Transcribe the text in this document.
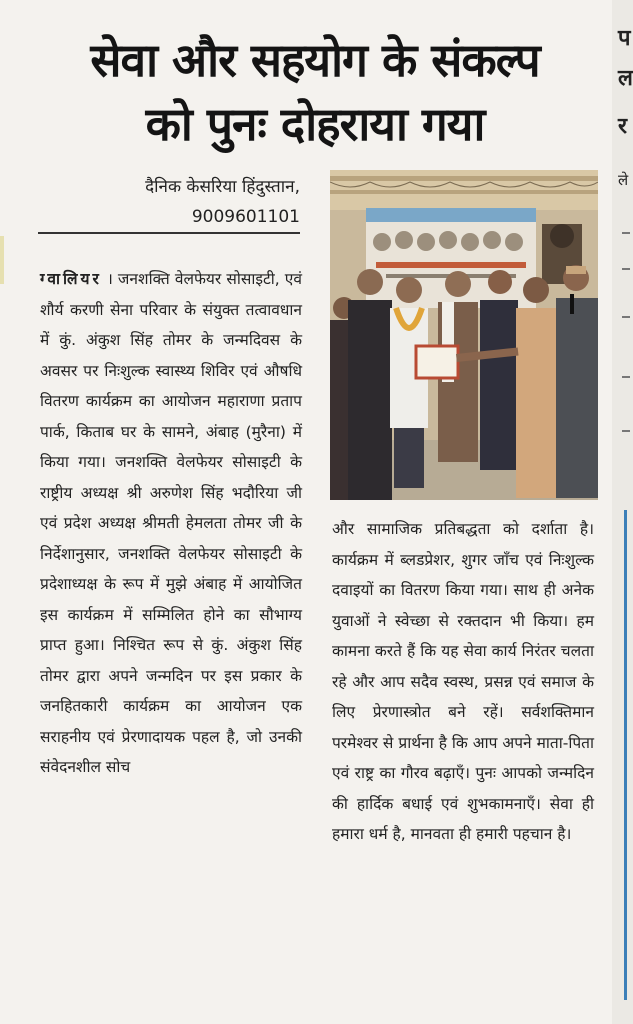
सेवा और सहयोग के संकल्प
को पुनः दोहराया गया
दैनिक केसरिया हिंदुस्तान,
9009601101
ग्वालियर । जनशक्ति वेलफेयर सोसाइटी, एवं शौर्य करणी सेना परिवार के संयुक्त तत्वावधान में कुं. अंकुश सिंह तोमर के जन्मदिवस के अवसर पर निःशुल्क स्वास्थ्य शिविर एवं औषधि वितरण कार्यक्रम का आयोजन महाराणा प्रताप पार्क, किताब घर के सामने, अंबाह (मुरैना) में किया गया। जनशक्ति वेलफेयर सोसाइटी के राष्ट्रीय अध्यक्ष श्री अरुणेश सिंह भदौरिया जी एवं प्रदेश अध्यक्ष श्रीमती हेमलता तोमर जी के निर्देशानुसार, जनशक्ति वेलफेयर सोसाइटी के प्रदेशाध्यक्ष के रूप में मुझे अंबाह में आयोजित इस कार्यक्रम में सम्मिलित होने का सौभाग्य प्राप्त हुआ। निश्चित रूप से कुं. अंकुश सिंह तोमर द्वारा अपने जन्मदिन पर इस प्रकार के जनहितकारी कार्यक्रम का आयोजन एक सराहनीय एवं प्रेरणादायक पहल है, जो उनकी संवेदनशील सोच
और सामाजिक प्रतिबद्धता को दर्शाता है। कार्यक्रम में ब्लडप्रेशर, शुगर जाँच एवं निःशुल्क दवाइयों का वितरण किया गया। साथ ही अनेक युवाओं ने स्वेच्छा से रक्तदान भी किया। हम कामना करते हैं कि यह सेवा कार्य निरंतर चलता रहे और आप सदैव स्वस्थ, प्रसन्न एवं समाज के लिए प्रेरणास्त्रोत बने रहें। सर्वशक्तिमान परमेश्वर से प्रार्थना है कि आप अपने माता-पिता एवं राष्ट्र का गौरव बढ़ाएँ। पुनः आपको जन्मदिन की हार्दिक बधाई एवं शुभकामनाएँ। सेवा ही हमारा धर्म है, मानवता ही हमारी पहचान है।
प
ल
र
ले
